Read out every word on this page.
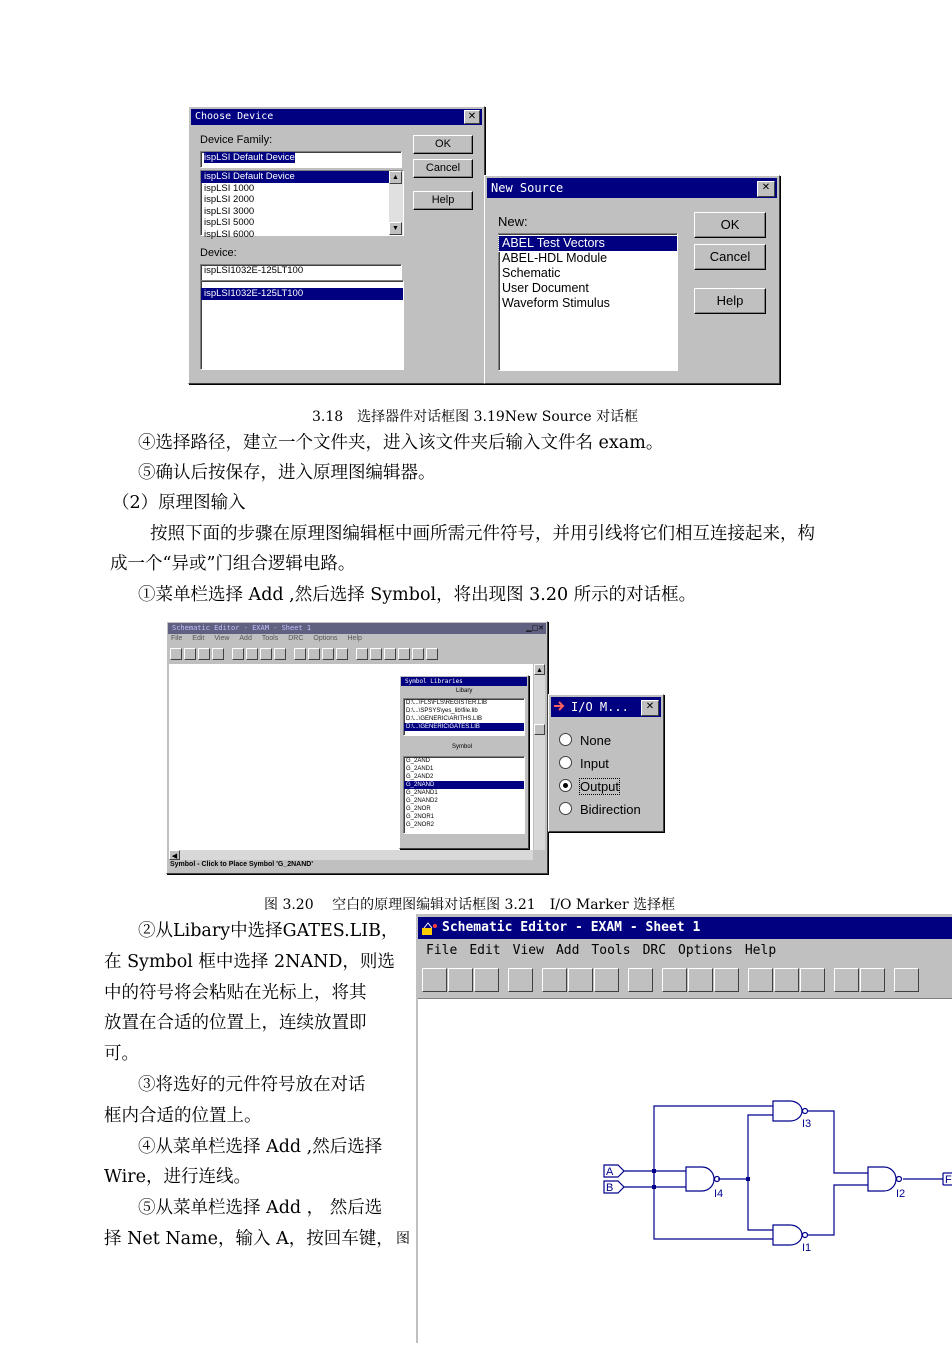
Choose Device	✕
Device Family:
ispLSI Default Device
ispLSI Default Device
ispLSI 1000
ispLSI 2000
ispLSI 3000
ispLSI 5000
ispLSI 6000
▲
▼
Device:
ispLSI1032E-125LT100
ispLSI1032E-125LT100
OK
Cancel
Help
New Source	✕
New:
ABEL Test Vectors
ABEL-HDL Module
Schematic
User Document
Waveform Stimulus
OK
Cancel
Help
3.18　选择器件对话框图 3.19New Source 对话框
④选择路径，建立一个文件夹，进入该文件夹后输入文件名 exam。
⑤确认后按保存，进入原理图编辑器。
（2）原理图输入
按照下面的步骤在原理图编辑框中画所需元件符号，并用引线将它们相互连接起来，构
成一个“异或”门组合逻辑电路。
①菜单栏选择 Add ,然后选择 Symbol，将出现图 3.20 所示的对话框。
Schematic Editor - EXAM - Sheet 1	▁□✕
File Edit View Add Tools DRC Options Help
▲
◀
Symbol - Click to Place Symbol 'G_2NAND'
Symbol Libraries
Libary
D:\...\FLS\FLS\REGISTER.LIB
D:\...\SPSYS\yes_lib\file.lib
D:\...\GENERIC\ARITHS.LIB
D:\...\GENERIC\GATES.LIB
Symbol
G_2AND
G_2AND1
G_2AND2
G_2NAND
G_2NAND1
G_2NAND2
G_2NOR
G_2NOR1
G_2NOR2
I/O M...	✕
None
Input
Output
Bidirection
图 3.20　 空白的原理图编辑对话框图 3.21　I/O Marker 选择框
②从Libary中选择GATES.LIB，
在 Symbol 框中选择 2NAND，则选
中的符号将会粘贴在光标上，将其
放置在合适的位置上，连续放置即
可。
③将选好的元件符号放在对话
框内合适的位置上。
④从菜单栏选择 Add ,然后选择
Wire，进行连线。
⑤从菜单栏选择 Add ， 然后选
择 Net Name，输入 A，按回车键， 图
Schematic Editor - EXAM - Sheet 1
File Edit View Add Tools DRC Options Help
I3
I4	I2
I1
A
B
F
